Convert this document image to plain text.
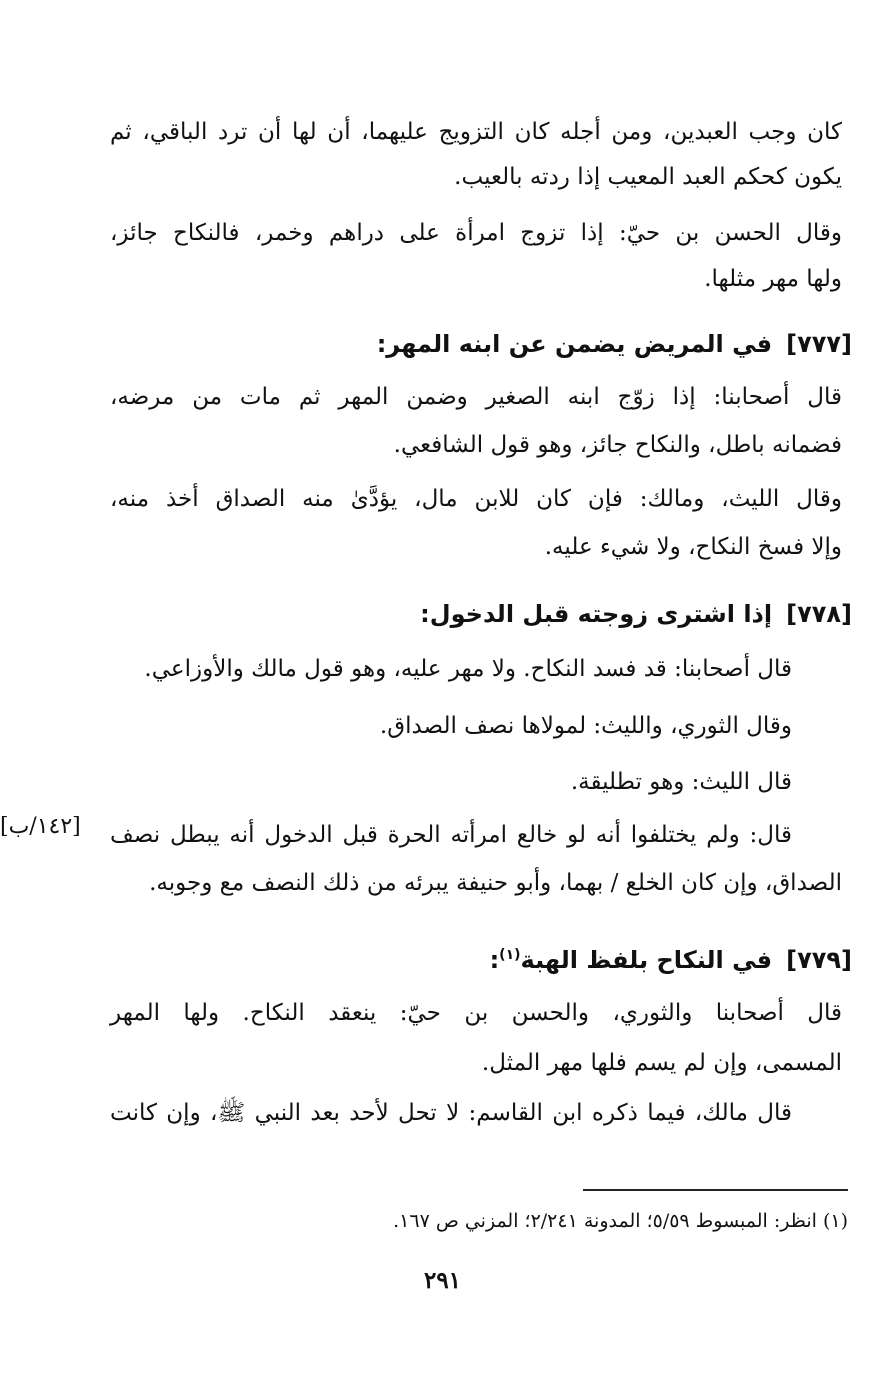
كان وجب العبدين، ومن أجله كان التزويج عليهما، أن لها أن ترد الباقي، ثم
يكون كحكم العبد المعيب إذا ردته بالعيب.
وقال الحسن بن حيّ: إذا تزوج امرأة على دراهم وخمر، فالنكاح جائز،
ولها مهر مثلها.
[٧٧٧]في المريض يضمن عن ابنه المهر:
قال أصحابنا: إذا زوّج ابنه الصغير وضمن المهر ثم مات من مرضه،
فضمانه باطل، والنكاح جائز، وهو قول الشافعي.
وقال الليث، ومالك: فإن كان للابن مال، يؤدَّىٰ منه الصداق أخذ منه،
وإلا فسخ النكاح، ولا شيء عليه.
[٧٧٨]إذا اشترى زوجته قبل الدخول:
قال أصحابنا: قد فسد النكاح. ولا مهر عليه، وهو قول مالك والأوزاعي.
وقال الثوري، والليث: لمولاها نصف الصداق.
قال الليث: وهو تطليقة.
قال: ولم يختلفوا أنه لو خالع امرأته الحرة قبل الدخول أنه يبطل نصف
[١٤٢/ب]
الصداق، وإن كان الخلع / بهما، وأبو حنيفة يبرئه من ذلك النصف مع وجوبه.
[٧٧٩]في النكاح بلفظ الهبة$^{(١)}$:
قال أصحابنا والثوري، والحسن بن حيّ: ينعقد النكاح. ولها المهر
المسمى، وإن لم يسم فلها مهر المثل.
قال مالك، فيما ذكره ابن القاسم: لا تحل لأحد بعد النبي ﷺ، وإن كانت
(١) انظر: المبسوط ٥/٥٩؛ المدونة ٢/٢٤١؛ المزني ص ١٦٧.
٢٩١
